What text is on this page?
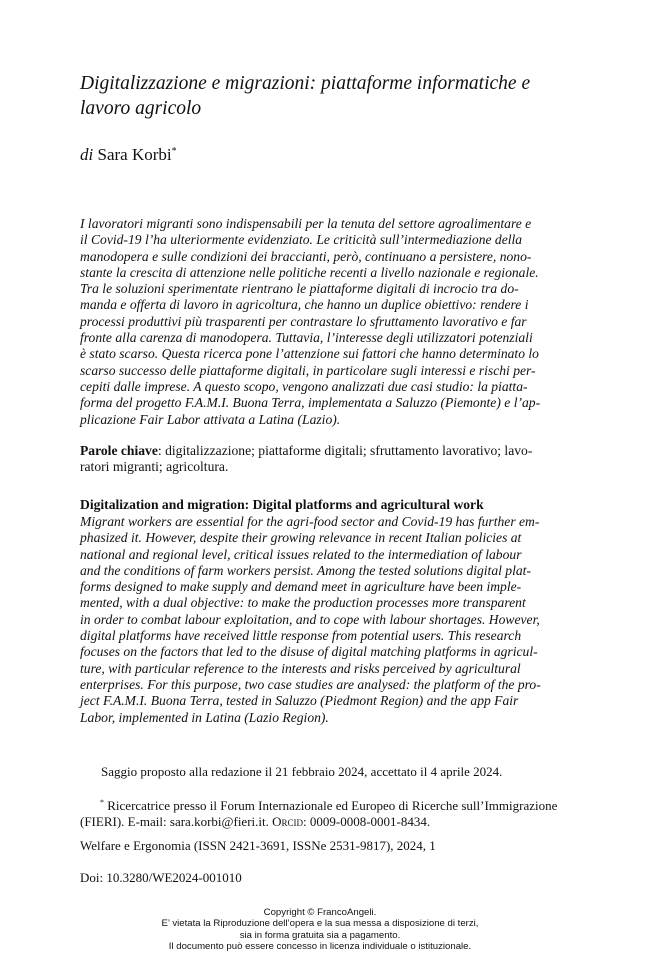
Digitalizzazione e migrazioni: piattaforme informatiche e
lavoro agricolo
di Sara Korbi*
I lavoratori migranti sono indispensabili per la tenuta del settore agroalimentare e
il Covid-19 l’ha ulteriormente evidenziato. Le criticità sull’intermediazione della
manodopera e sulle condizioni dei braccianti, però, continuano a persistere, nono-
stante la crescita di attenzione nelle politiche recenti a livello nazionale e regionale.
Tra le soluzioni sperimentate rientrano le piattaforme digitali di incrocio tra do-
manda e offerta di lavoro in agricoltura, che hanno un duplice obiettivo: rendere i
processi produttivi più trasparenti per contrastare lo sfruttamento lavorativo e far
fronte alla carenza di manodopera. Tuttavia, l’interesse degli utilizzatori potenziali
è stato scarso. Questa ricerca pone l’attenzione sui fattori che hanno determinato lo
scarso successo delle piattaforme digitali, in particolare sugli interessi e rischi per-
cepiti dalle imprese. A questo scopo, vengono analizzati due casi studio: la piatta-
forma del progetto F.A.M.I. Buona Terra, implementata a Saluzzo (Piemonte) e l’ap-
plicazione Fair Labor attivata a Latina (Lazio).
Parole chiave: digitalizzazione; piattaforme digitali; sfruttamento lavorativo; lavo-
ratori migranti; agricoltura.
Digitalization and migration: Digital platforms and agricultural work
Migrant workers are essential for the agri-food sector and Covid-19 has further em-
phasized it. However, despite their growing relevance in recent Italian policies at
national and regional level, critical issues related to the intermediation of labour
and the conditions of farm workers persist. Among the tested solutions digital plat-
forms designed to make supply and demand meet in agriculture have been imple-
mented, with a dual objective: to make the production processes more transparent
in order to combat labour exploitation, and to cope with labour shortages. However,
digital platforms have received little response from potential users. This research
focuses on the factors that led to the disuse of digital matching platforms in agricul-
ture, with particular reference to the interests and risks perceived by agricultural
enterprises. For this purpose, two case studies are analysed: the platform of the pro-
ject F.A.M.I. Buona Terra, tested in Saluzzo (Piedmont Region) and the app Fair
Labor, implemented in Latina (Lazio Region).
Saggio proposto alla redazione il 21 febbraio 2024, accettato il 4 aprile 2024.
* Ricercatrice presso il Forum Internazionale ed Europeo di Ricerche sull’Immigrazione
(FIERI). E-mail: sara.korbi@fieri.it. Orcid: 0009-0008-0001-8434.
Welfare e Ergonomia (ISSN 2421-3691, ISSNe 2531-9817), 2024, 1
Doi: 10.3280/WE2024-001010
Copyright © FrancoAngeli.
E’ vietata la Riproduzione dell’opera e la sua messa a disposizione di terzi,
sia in forma gratuita sia a pagamento.
Il documento può essere concesso in licenza individuale o istituzionale.
